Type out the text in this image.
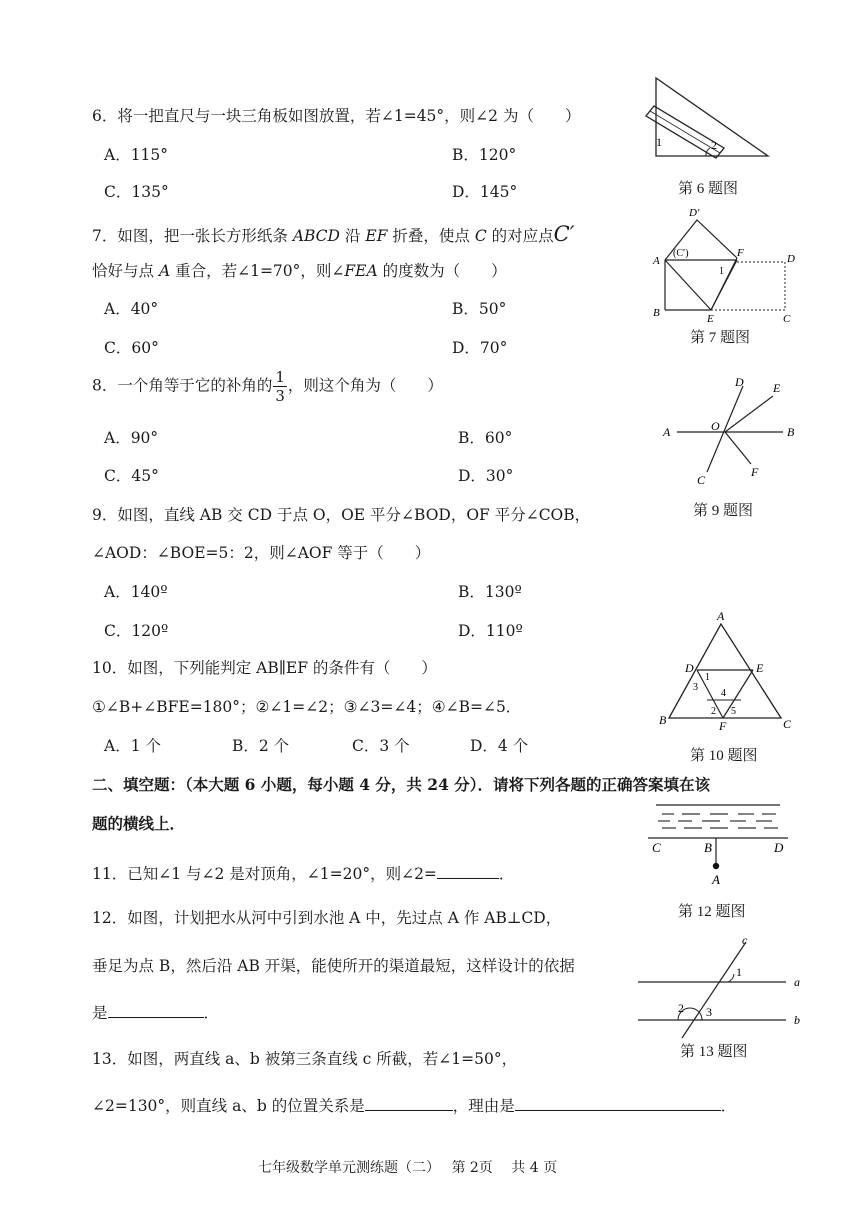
6．将一把直尺与一块三角板如图放置，若∠1=45°，则∠2 为（　　）
A．115°	B．120°
C．135°	D．145°
1	2
第 6 题图
7．如图，把一张长方形纸条 ABCD 沿 EF 折叠，使点 C 的对应点C′
恰好与点 A 重合，若∠1=70°，则∠FEA 的度数为（　　）
A．40°	B．50°
C．60°	D．70°
D′
A
(C′)	F	D
1
B	E	C
第 7 题图
8．一个角等于它的补角的 $\frac{1}{3}$ ，则这个角为（　　）
A．90°	B．60°
C．45°	D．30°
D E
A	O	B
C
F
第 9 题图
9．如图，直线 AB 交 CD 于点 O，OE 平分∠BOD，OF 平分∠COB，
∠AOD：∠BOE=5：2，则∠AOF 等于（　　）
A．140º	B．130º
C．120º	D．110º
10．如图，下列能判定 AB∥EF 的条件有（　　）
①∠B+∠BFE=180°；②∠1=∠2；③∠3=∠4；④∠B=∠5．
A．1 个	B．2 个	C．3 个	D．4 个
A
D	E
1
3
4
2 5
B	F	C
第 10 题图
二、填空题：（本大题 6 小题，每小题 4 分，共 24 分）．请将下列各题的正确答案填在该
题的横线上．
11．已知∠1 与∠2 是对顶角，∠1=20°，则∠2=	．
C	B	D
A
第 12 题图
12．如图，计划把水从河中引到水池 A 中，先过点 A 作 AB⊥CD，
垂足为点 B，然后沿 AB 开渠，能使所开的渠道最短，这样设计的依据
是	．
c
1
a
2 3
b
第 13 题图
13．如图，两直线 a、b 被第三条直线 c 所截，若∠1=50°，
∠2=130°，则直线 a、b 的位置关系是	，理由是	．
七年级数学单元测练题（二）　 第 2页　 共 4 页
